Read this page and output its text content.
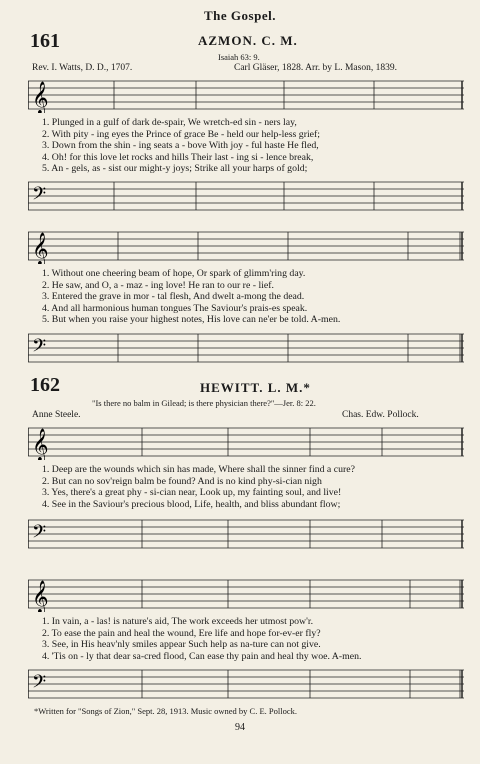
The Gospel.
161	AZMON. C. M.
Isaiah 63: 9.
Rev. I. Watts, D. D., 1707.	Carl Gläser, 1828. Arr. by L. Mason, 1839.
𝄞
1. Plunged in a gulf of dark de-spair, We wretch-ed sin - ners lay,
2. With pity - ing eyes the Prince of grace Be - held our help-less grief;
3. Down from the shin - ing seats a - bove With joy - ful haste He fled,
4. Oh! for this love let rocks and hills Their last - ing si - lence break,
5. An - gels, as - sist our might-y joys; Strike all your harps of gold;
𝄢
𝄞
1. Without one cheering beam of hope, Or spark of glimm'ring day.
2. He saw, and O, a - maz - ing love! He ran to our re - lief.
3. Entered the grave in mor - tal flesh, And dwelt a-mong the dead.
4. And all harmonious human tongues The Saviour's prais-es speak.
5. But when you raise your highest notes, His love can ne'er be told. A-men.
𝄢
162	HEWITT. L. M.*
"Is there no balm in Gilead; is there physician there?"—Jer. 8: 22.
Anne Steele.	Chas. Edw. Pollock.
𝄞
1. Deep are the wounds which sin has made, Where shall the sinner find a cure?
2. But can no sov'reign balm be found? And is no kind phy-si-cian nigh
3. Yes, there's a great phy - si-cian near, Look up, my fainting soul, and live!
4. See in the Saviour's precious blood, Life, health, and bliss abundant flow;
𝄢
𝄞
1. In vain, a - las! is nature's aid, The work exceeds her utmost pow'r.
2. To ease the pain and heal the wound, Ere life and hope for-ev-er fly?
3. See, in His heav'nly smiles appear Such help as na-ture can not give.
4. 'Tis on - ly that dear sa-cred flood, Can ease thy pain and heal thy woe. A-men.
𝄢
*Written for "Songs of Zion," Sept. 28, 1913. Music owned by C. E. Pollock.
94
